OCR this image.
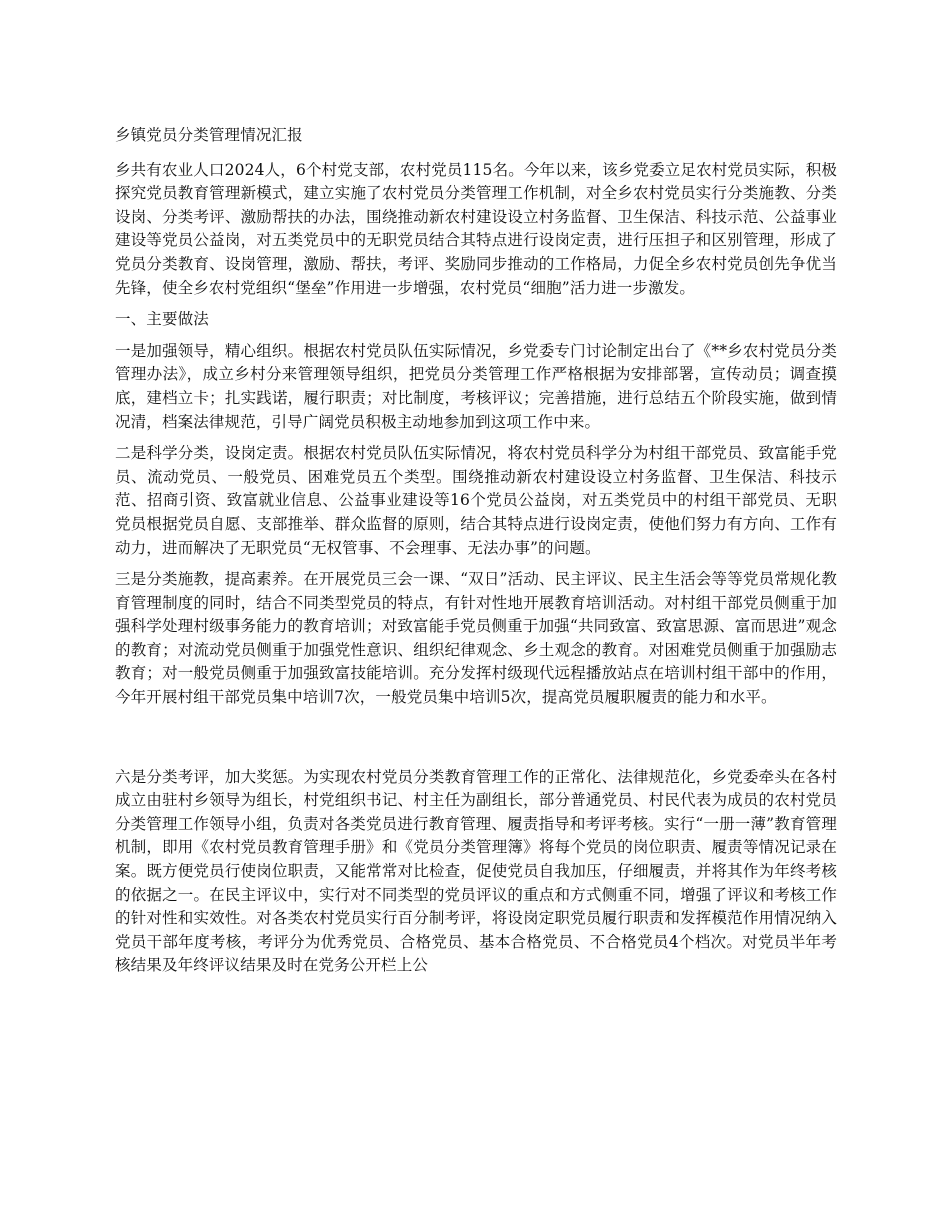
乡镇党员分类管理情况汇报

乡共有农业人口2024人，6个村党支部，农村党员115名。今年以来，该乡党委立足农村党员实际，积极探究党员教育管理新模式，建立实施了农村党员分类管理工作机制，对全乡农村党员实行分类施教、分类设岗、分类考评、激励帮扶的办法，围绕推动新农村建设设立村务监督、卫生保洁、科技示范、公益事业建设等党员公益岗，对五类党员中的无职党员结合其特点进行设岗定责，进行压担子和区别管理，形成了党员分类教育、设岗管理，激励、帮扶，考评、奖励同步推动的工作格局，力促全乡农村党员创先争优当先锋，使全乡农村党组织“堡垒”作用进一步增强，农村党员“细胞”活力进一步激发。

一、主要做法

一是加强领导，精心组织。根据农村党员队伍实际情况，乡党委专门讨论制定出台了《**乡农村党员分类管理办法》，成立乡村分来管理领导组织，把党员分类管理工作严格根据为安排部署，宣传动员；调查摸底，建档立卡；扎实践诺，履行职责；对比制度，考核评议；完善措施，进行总结五个阶段实施，做到情况清，档案法律规范，引导广阔党员积极主动地参加到这项工作中来。

二是科学分类，设岗定责。根据农村党员队伍实际情况，将农村党员科学分为村组干部党员、致富能手党员、流动党员、一般党员、困难党员五个类型。围绕推动新农村建设设立村务监督、卫生保洁、科技示范、招商引资、致富就业信息、公益事业建设等16个党员公益岗，对五类党员中的村组干部党员、无职党员根据党员自愿、支部推举、群众监督的原则，结合其特点进行设岗定责，使他们努力有方向、工作有动力，进而解决了无职党员“无权管事、不会理事、无法办事”的问题。

三是分类施教，提高素养。在开展党员三会一课、“双日”活动、民主评议、民主生活会等等党员常规化教育管理制度的同时，结合不同类型党员的特点，有针对性地开展教育培训活动。对村组干部党员侧重于加强科学处理村级事务能力的教育培训；对致富能手党员侧重于加强“共同致富、致富思源、富而思进”观念的教育；对流动党员侧重于加强党性意识、组织纪律观念、乡土观念的教育。对困难党员侧重于加强励志教育；对一般党员侧重于加强致富技能培训。充分发挥村级现代远程播放站点在培训村组干部中的作用，今年开展村组干部党员集中培训7次，一般党员集中培训5次，提高党员履职履责的能力和水平。

六是分类考评，加大奖惩。为实现农村党员分类教育管理工作的正常化、法律规范化，乡党委牵头在各村成立由驻村乡领导为组长，村党组织书记、村主任为副组长，部分普通党员、村民代表为成员的农村党员分类管理工作领导小组，负责对各类党员进行教育管理、履责指导和考评考核。实行“一册一薄”教育管理机制，即用《农村党员教育管理手册》和《党员分类管理簿》将每个党员的岗位职责、履责等情况记录在案。既方便党员行使岗位职责，又能常常对比检查，促使党员自我加压，仔细履责，并将其作为年终考核的依据之一。在民主评议中，实行对不同类型的党员评议的重点和方式侧重不同，增强了评议和考核工作的针对性和实效性。对各类农村党员实行百分制考评，将设岗定职党员履行职责和发挥模范作用情况纳入党员干部年度考核，考评分为优秀党员、合格党员、基本合格党员、不合格党员4个档次。对党员半年考核结果及年终评议结果及时在党务公开栏上公
